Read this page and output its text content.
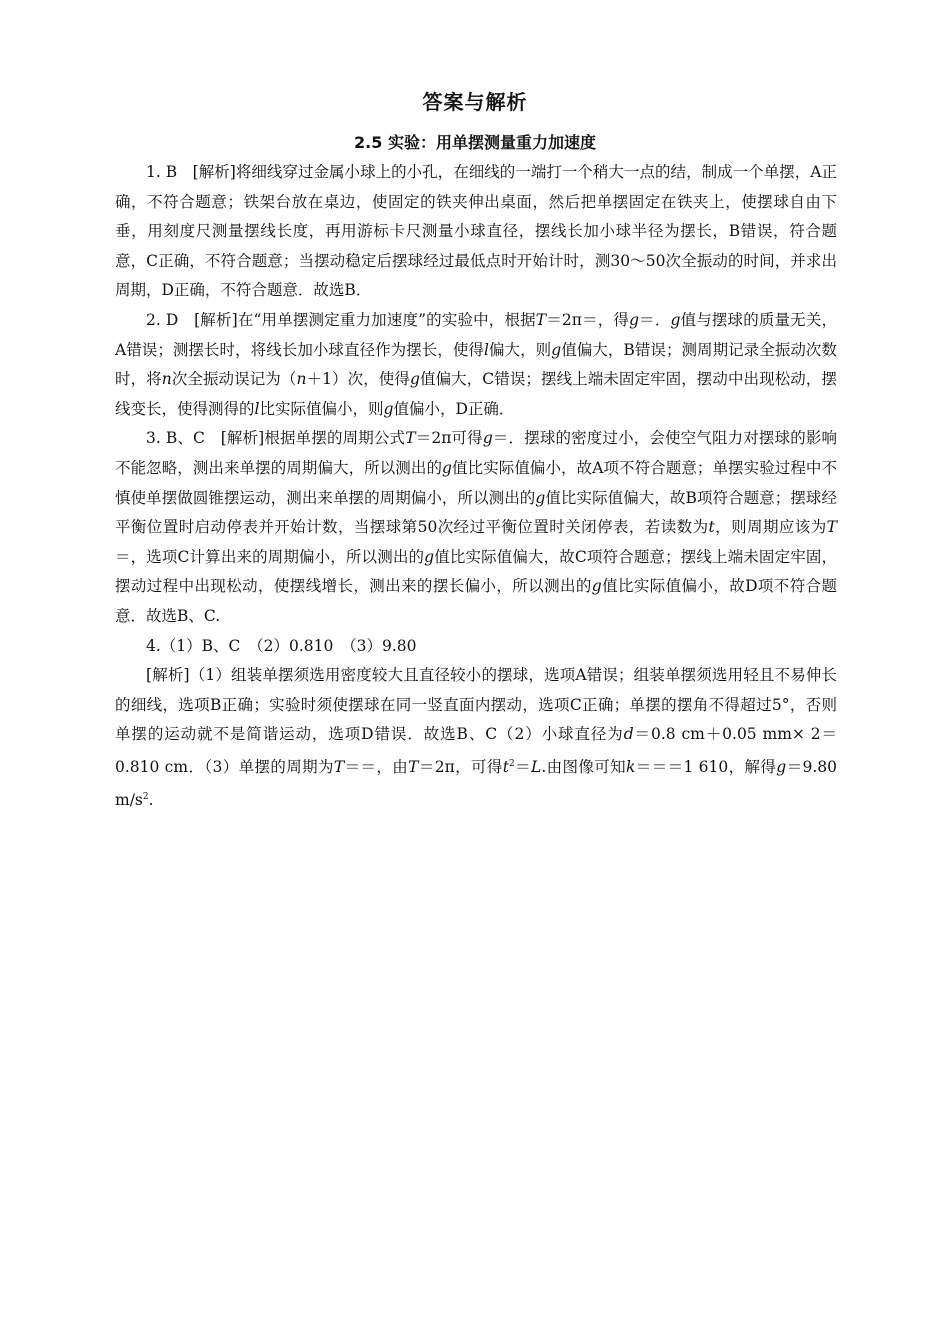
答案与解析
2.5 实验：用单摆测量重力加速度

1. B　[解析]将细线穿过金属小球上的小孔，在细线的一端打一个稍大一点的结，制成一个单摆，A正确，不符合题意；铁架台放在桌边，使固定的铁夹伸出桌面，然后把单摆固定在铁夹上，使摆球自由下垂，用刻度尺测量摆线长度，再用游标卡尺测量小球直径，摆线长加小球半径为摆长，B错误，符合题意，C正确，不符合题意；当摆动稳定后摆球经过最低点时开始计时，测30～50次全振动的时间，并求出周期，D正确，不符合题意．故选B．

2. D　[解析]在“用单摆测定重力加速度”的实验中，根据T＝2π＝，得g＝．g值与摆球的质量无关，A错误；测摆长时，将线长加小球直径作为摆长，使得l偏大，则g值偏大，B错误；测周期记录全振动次数时，将n次全振动误记为（n＋1）次，使得g值偏大，C错误；摆线上端未固定牢固，摆动中出现松动，摆线变长，使得测得的l比实际值偏小，则g值偏小，D正确．

3. B、C　[解析]根据单摆的周期公式T＝2π可得g＝．摆球的密度过小，会使空气阻力对摆球的影响不能忽略，测出来单摆的周期偏大，所以测出的g值比实际值偏小，故A项不符合题意；单摆实验过程中不慎使单摆做圆锥摆运动，测出来单摆的周期偏小，所以测出的g值比实际值偏大，故B项符合题意；摆球经平衡位置时启动停表并开始计数，当摆球第50次经过平衡位置时关闭停表，若读数为t，则周期应该为T＝，选项C计算出来的周期偏小，所以测出的g值比实际值偏大，故C项符合题意；摆线上端未固定牢固，摆动过程中出现松动，使摆线增长，测出来的摆长偏小，所以测出的g值比实际值偏小，故D项不符合题意．故选B、C.

4.（1）B、C　（2）0.810　（3）9.80

[解析]（1）组装单摆须选用密度较大且直径较小的摆球，选项A错误；组装单摆须选用轻且不易伸长的细线，选项B正确；实验时须使摆球在同一竖直面内摆动，选项C正确；单摆的摆角不得超过5°，否则单摆的运动就不是简谐运动，选项D错误．故选B、C（2）小球直径为d＝0.8 cm＋0.05 mm× 2＝0.810 cm．（3）单摆的周期为T＝＝，由T＝2π，可得$t^2=L$.由图像可知k＝＝＝1 610，解得g＝9.80 $m/s^2$.
